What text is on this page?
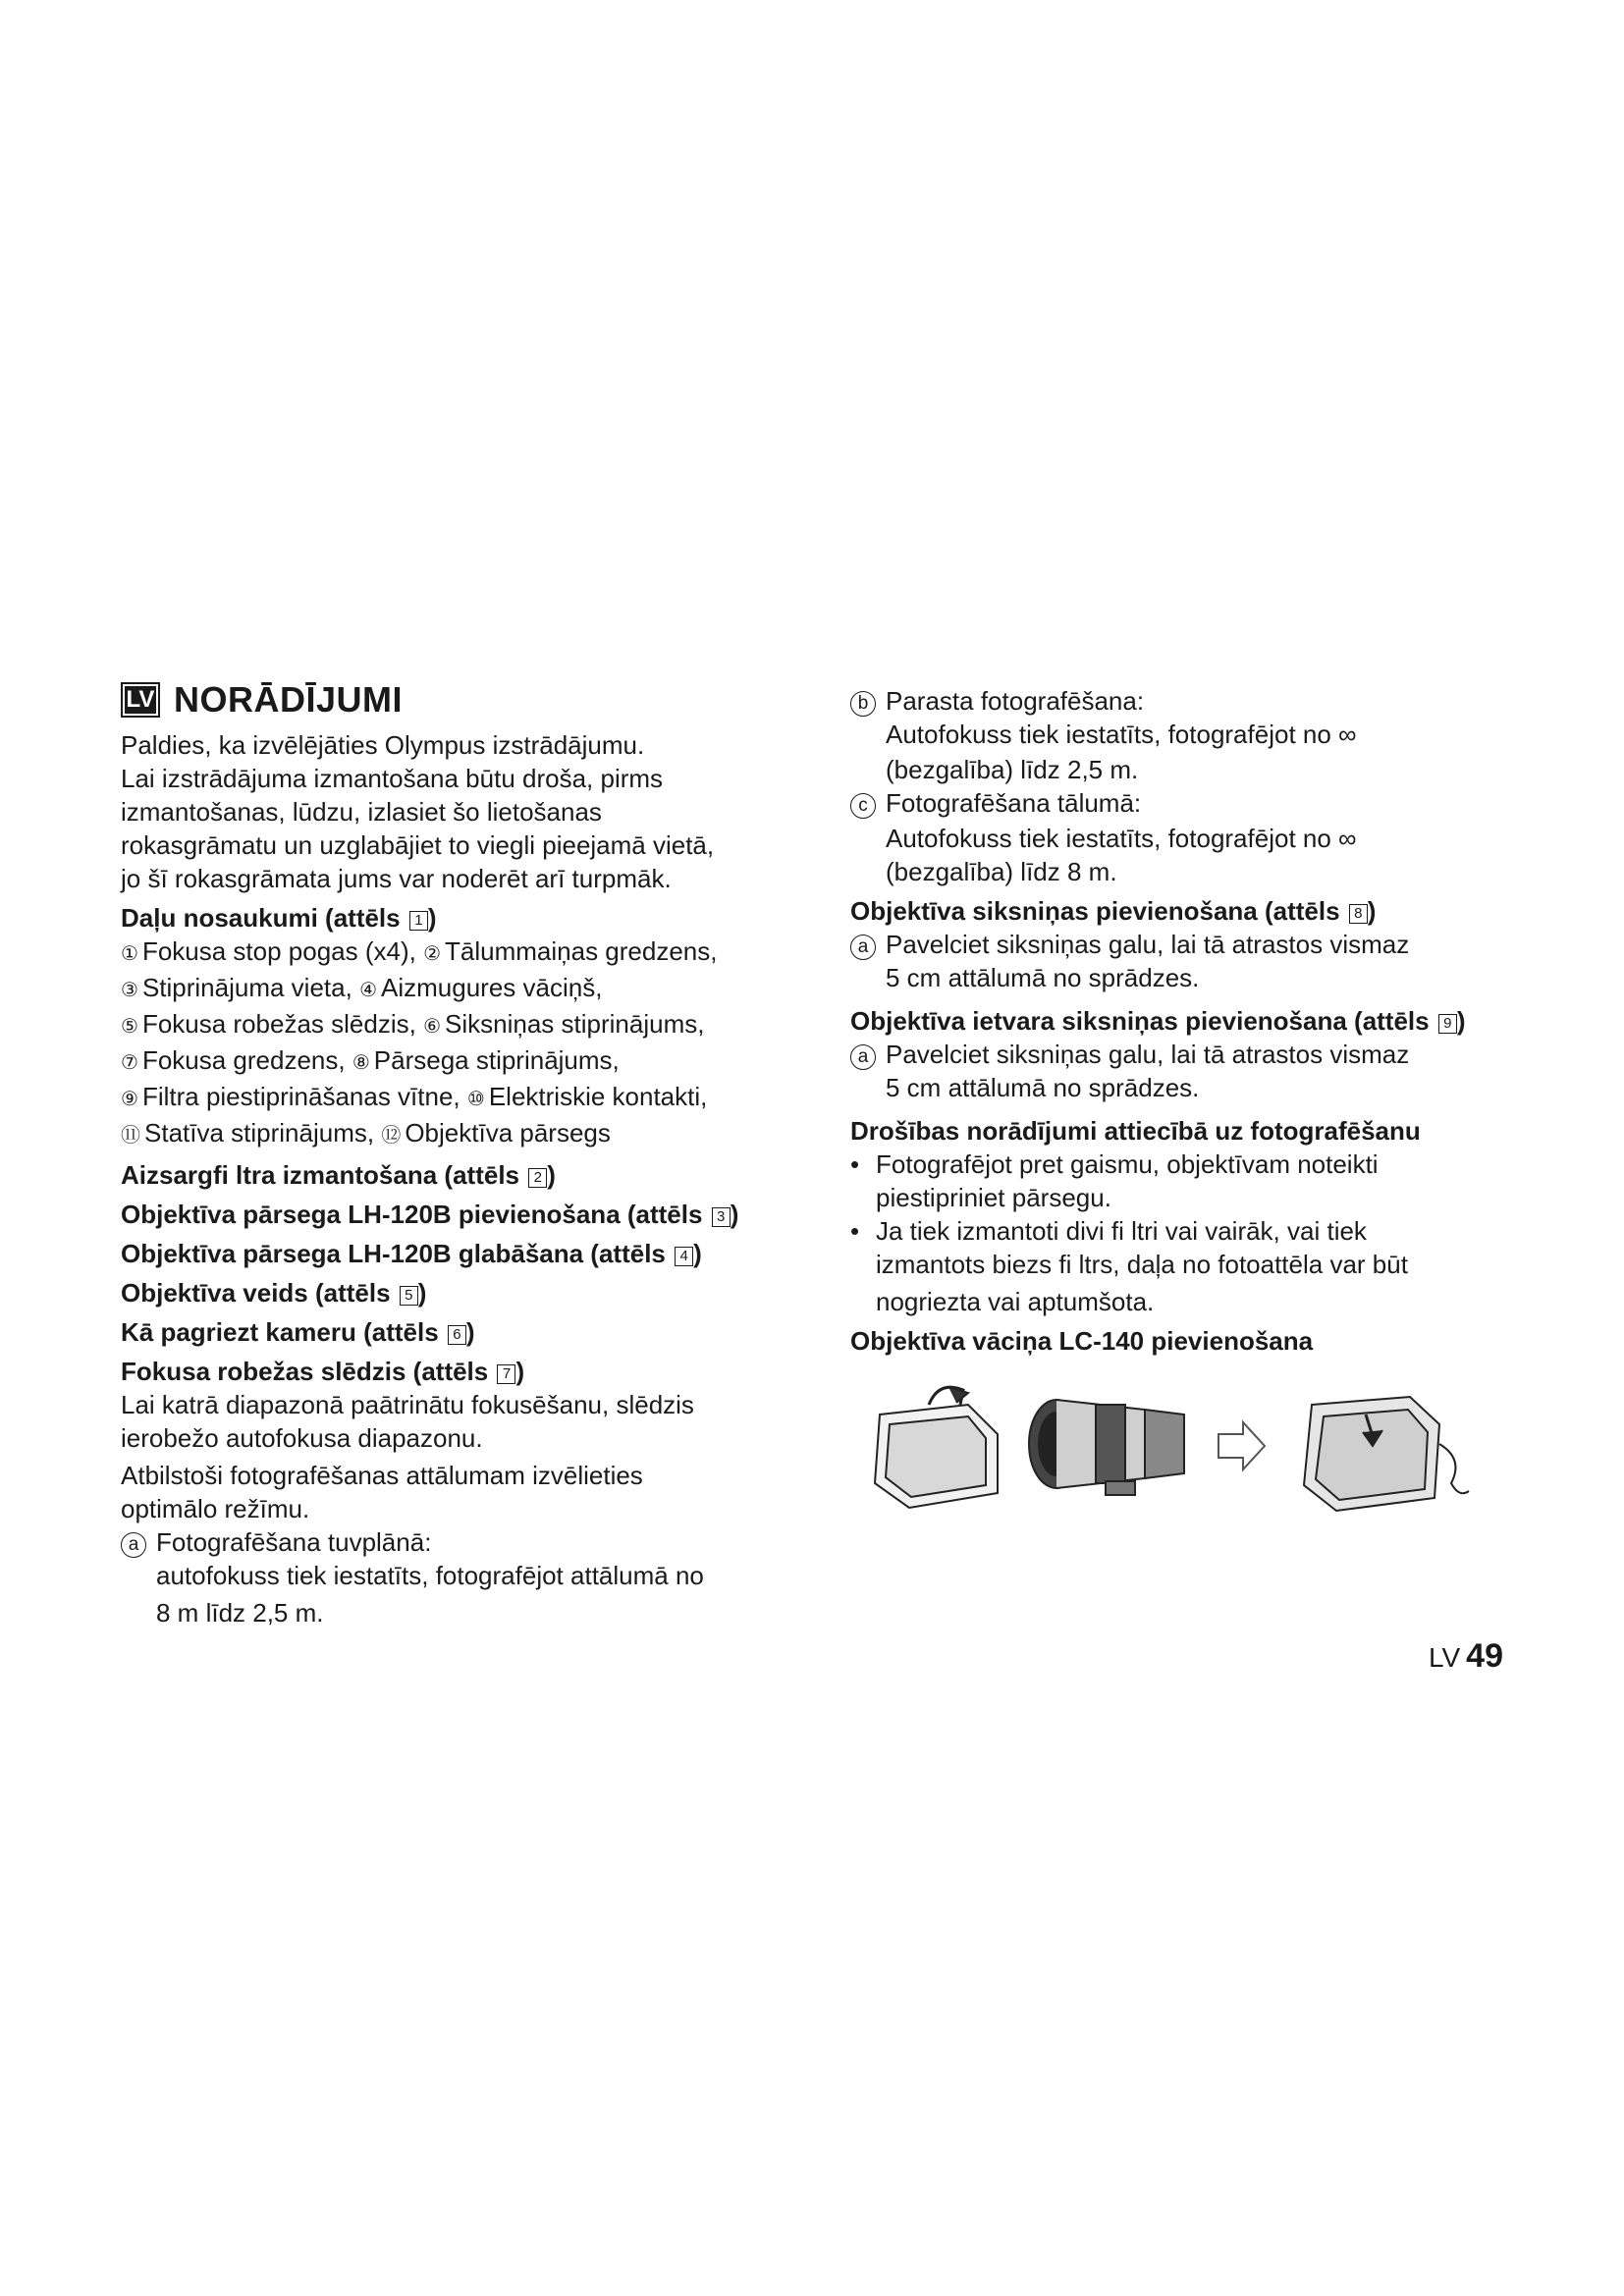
LV NORĀDĪJUMI

Paldies, ka izvēlējāties Olympus izstrādājumu.

Lai izstrādājuma izmantošana būtu droša, pirms

izmantošanas, lūdzu, izlasiet šo lietošanas

rokasgrāmatu un uzglabājiet to viegli pieejamā vietā,

jo šī rokasgrāmata jums var noderēt arī turpmāk.

Daļu nosaukumi (attēls 1 )

① Fokusa stop pogas (x4), ② Tālummaiņas gredzens,

③ Stiprinājuma vieta, ④ Aizmugures vāciņš,

⑤ Fokusa robežas slēdzis, ⑥ Siksniņas stiprinājums,

⑦ Fokusa gredzens, ⑧ Pārsega stiprinājums,

⑨ Filtra piestiprināšanas vītne, ⑩ Elektriskie kontakti,

⑪ Statīva stiprinājums, ⑫ Objektīva pārsegs

Aizsargfi ltra izmantošana (attēls 2 )
Objektīva pārsega LH-120B pievienošana (attēls 3 )
Objektīva pārsega LH-120B glabāšana (attēls 4 )
Objektīva veids (attēls 5 )
Kā pagriezt kameru (attēls 6 )
Fokusa robežas slēdzis (attēls 7 )

Lai katrā diapazonā paātrinātu fokusēšanu, slēdzis

ierobežo autofokusa diapazonu.

Atbilstoši fotografēšanas attālumam izvēlieties

optimālo režīmu.

a Fotografēšana tuvplānā:

autofokuss tiek iestatīts, fotografējot attālumā no

8 m līdz 2,5 m.

b Parasta fotografēšana:

Autofokuss tiek iestatīts, fotografējot no ∞

(bezgalība) līdz 2,5 m.

c Fotografēšana tālumā:

Autofokuss tiek iestatīts, fotografējot no ∞

(bezgalība) līdz 8 m.

Objektīva siksniņas pievienošana (attēls 8 )

a Pavelciet siksniņas galu, lai tā atrastos vismaz

5 cm attālumā no sprādzes.

Objektīva ietvara siksniņas pievienošana (attēls 9 )

a Pavelciet siksniņas galu, lai tā atrastos vismaz

5 cm attālumā no sprādzes.

Drošības norādījumi attiecībā uz fotografēšanu
• Fotografējot pret gaismu, objektīvam noteikti

piestipriniet pārsegu.

• Ja tiek izmantoti divi fi ltri vai vairāk, vai tiek

izmantots biezs fi ltrs, daļa no fotoattēla var būt

nogriezta vai aptumšota.

Objektīva vāciņa LC-140 pievienošana
LV 49
